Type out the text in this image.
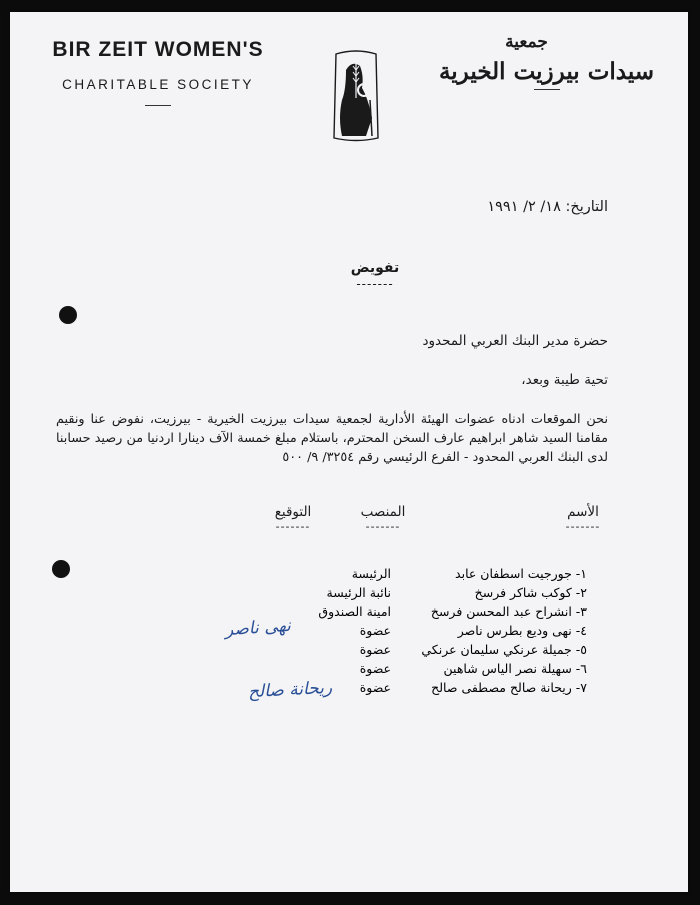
BIR ZEIT WOMEN'S
CHARITABLE SOCIETY
جمعية
سيدات بيرزيت الخيرية
التاريخ: ١٨/ ٢/ ١٩٩١
تفويض
-------
حضرة مدير البنك العربي المحدود
تحية طيبة وبعد،
نحن الموقعات ادناه عضوات الهيئة الأدارية لجمعية سيدات بيرزيت الخيرية - بيرزيت، نفوض عنا ونقيم مقامنا السيد شاهر ابراهيم عارف السخن المحترم، باستلام مبلغ خمسة الآف دينارا اردنيا من رصيد حسابنا لدى البنك العربي المحدود - الفرع الرئيسي رقم ٣٢٥٤/ ٩/ ٥٠٠
الأسم
-------
المنصب
-------
التوقيع
-------
١- جورجيت اسطفان عابد
الرئيسة
٢- كوكب شاكر فرسخ
نائبة الرئيسة
٣- انشراح عبد المحسن فرسخ
امينة الصندوق
٤- نهى وديع بطرس ناصر
عضوة
٥- جميلة عرنكي سليمان عرنكي
عضوة
٦- سهيلة نصر الياس شاهين
عضوة
٧- ريحانة صالح مصطفى صالح
عضوة
نهى ناصر
ريحانة صالح
